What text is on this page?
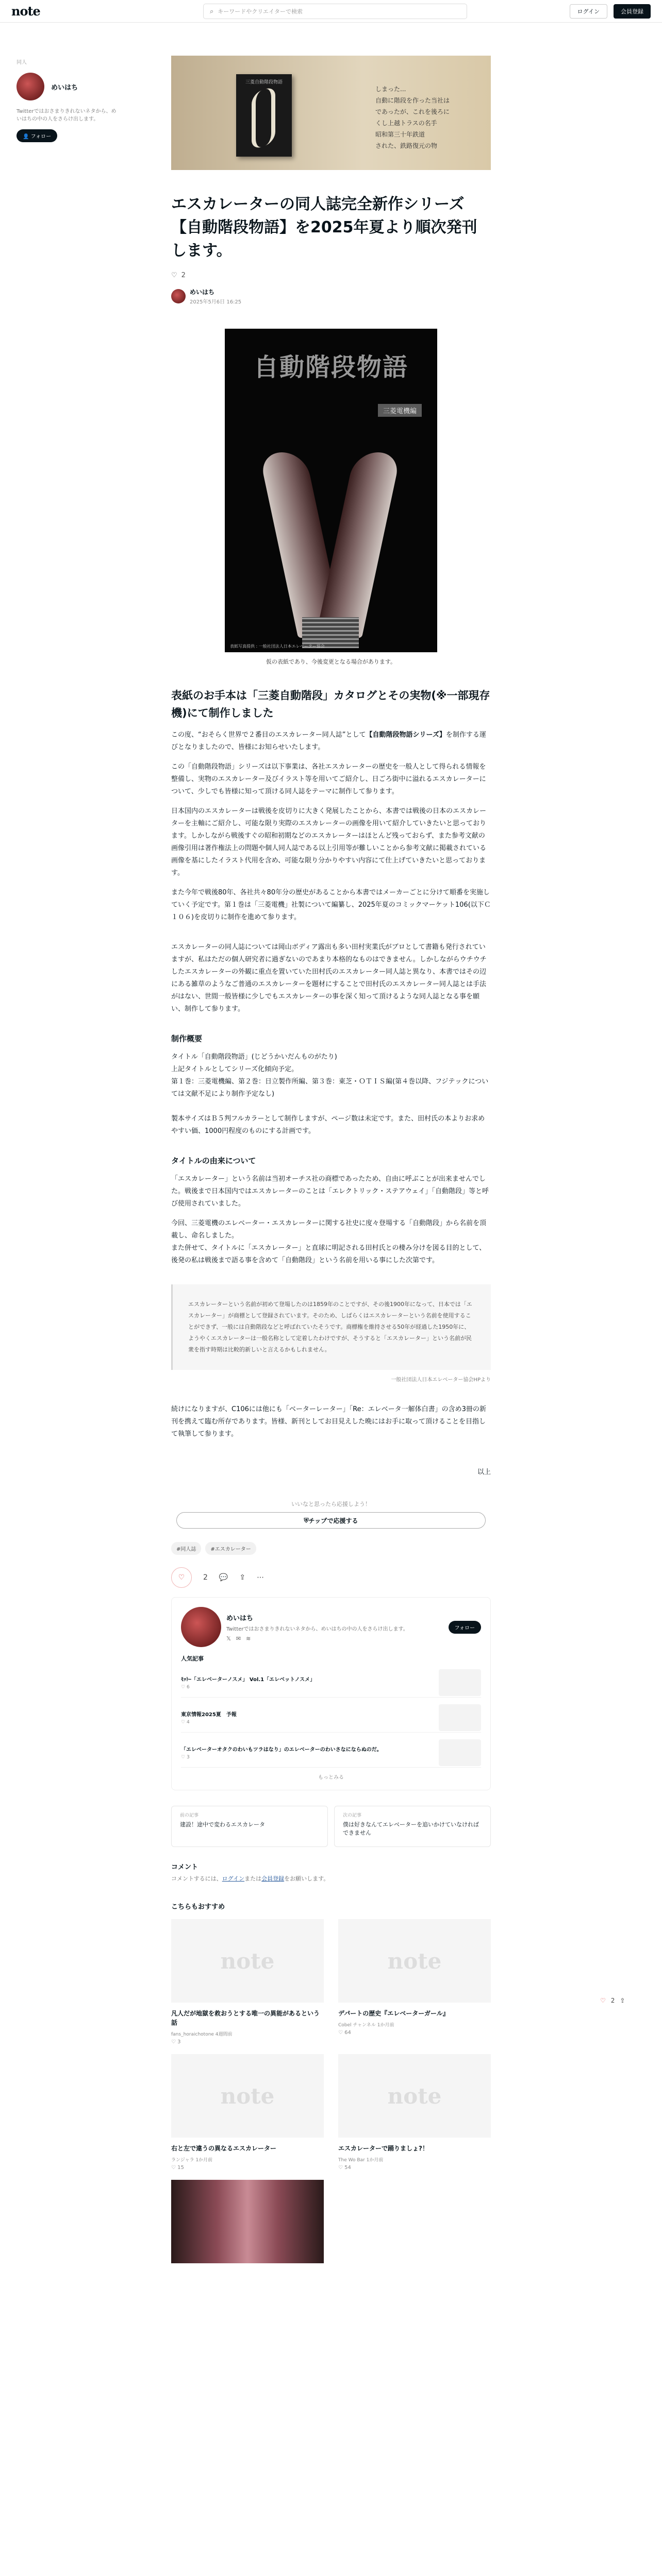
note	⌕ キーワードやクリエイターで検索	ログイン	会員登録
同人
めいはち
Twitterではおさまりきれないネタから、めいはちの中の人をさらけ出します。
👤 フォロー
♡ 2 ⇪
三菱自動階段物語
しまった...
自動に階段を作った当社は
であったが、これを後ろに
くし上越トラスの名手
昭和第三十年鉄道
された、鉄路復元の物
エスカレーターの同人誌完全新作シリーズ【自動階段物語】を2025年夏より順次発刊します。
♡ 2
めいはち
2025年5月6日 16:25
自動階段物語
三菱電機編
表紙写真提供 : 一般社団法人日本エレベーター協会
仮の表紙であり、今後変更となる場合があります。
表紙のお手本は「三菱自動階段」カタログとその実物(※一部現存機)にて制作しました

この度、“おそらく世界で２番目のエスカレーター同人誌”として【自動階段物語シリーズ】を制作する運びとなりましたので、皆様にお知らせいたします。

この「自動階段物語」シリーズは以下事業は、各社エスカレーターの歴史を一般人として得られる情報を整備し、実物のエスカレーター及びイラスト等を用いてご紹介し、日ごろ街中に溢れるエスカレーターについて、少しでも皆様に知って頂ける同人誌をテーマに制作して参ります。

日本国内のエスカレーターは戦後を皮切りに大きく発展したことから、本書では戦後の日本のエスカレーターを主軸にご紹介し、可能な限り実際のエスカレーターの画像を用いて紹介していきたいと思っております。しかしながら戦後すぐの昭和初期などのエスカレーターはほとんど残っておらず、また参考文献の画像引用は著作権法上の問題や個人同人誌である以上引用等が難しいことから参考文献に掲載されている画像を基にしたイラスト代用を含め、可能な限り分かりやすい内容にて仕上げていきたいと思っております。

また今年で戦後80年、各社共々80年分の歴史があることから本書ではメーカーごとに分けて順番を実施していく予定です。第１巻は「三菱電機」社製について編纂し、2025年夏のコミックマーケット106(以下Ｃ１０６)を皮切りに制作を進めて参ります。

エスカレーターの同人誌については岡山ボディア露出も多い田村実業氏がブロとして書籍も発行されていますが、私はただの個人研究者に過ぎないのであまり本格的なものはできません。しかしながらウチウチしたエスカレーターの外観に重点を置いていた田村氏のエスカレーター同人誌と異なり、本書ではその辺にある雑草のようなご普通のエスカレーターを題材にすることで田村氏のエスカレーター同人誌とは手法がはない、世間一般皆様に少しでもエスカレーターの事を深く知って頂けるような同人誌となる事を願い、制作して参ります。

制作概要

タイトル「自動階段物語」(じどうかいだんものがたり)

上記タイトルとしてシリーズ化傾向予定。

第１巻：三菱電機編、第２巻：日立製作所編、第３巻：東芝・ＯＴＩＳ編(第４巻以降、フジテックについては文献不足により制作予定なし)

製本サイズはＢ５判フルカラーとして制作しますが、ページ数は未定です。また、田村氏の本よりお求めやすい価、1000円程度のものにする計画です。

タイトルの由来について

「エスカレーター」という名前は当初オーチス社の商標であったため、自由に呼ぶことが出来ませんでした。戦後まで日本国内ではエスカレーターのことは「エレクトリック・ステアウェイ」「自動階段」等と呼び使用されていました。

今回、三菱電機のエレベーター・エスカレーターに関する社史に度々登場する「自動階段」から名前を頂載し、命名しました。

また併せて、タイトルに「エスカレーター」と直球に明記される田村氏との棲み分けを図る目的として、後発の私は戦後まで語る事を含めて「自動階段」という名前を用いる事にした次第です。

エスカレーターという名前が初めて登場したのは1859年のことですが、その後1900年になって、日本では「エスカレーター」が商標として登録されています。そのため、しばらくはエスカレーターという名前を使用することができず、一般には自動階段などと呼ばれていたそうです。商標権を維持させる50年が経過した1950年に、ようやくエスカレーターは一般名称として定着したわけですが、そうすると「エスカレーター」という名前が民衆を指す時期は比較的新しいと言えるかもしれません。
一般社団法人日本エレベーター協会HPより

続けになりますが、C106には他にも「ベーターレーター」「Re：エレベータ一解体白書」の含め3冊の新刊を携えて臨む所存であります。皆様、新刊としてお目見えした晩にはお手に取って頂けることを目指して執筆して参ります。

以上
いいなと思ったら応援しよう！
⛨ チップで応援する
#同人誌	#エスカレーター
♡	2 💬 ⇪ ⋯
めいはち
Twitterではおさまりきれないネタから、めいはちの中の人をさらけ出します。
𝕏 ✉ ≋
フォロー
人気記事
ﾓｯﾄｰ「エレベーターノスメ」 Vol.1「エレベットノスメ」
♡ 6
東京情報2025夏　予報
♡ 4
「エレベーターオタクのわいもツラはなり」のエレベーターのわいさなにならぬのだ。
♡ 3
もっとみる
前の記事
建設！途中で変わるエスカレータ
次の記事
僕は好きなんてエレベーターを追いかけていなければできません
コメント
コメントするには、ログインまたは会員登録をお願いします。
こちらもおすすめ
note
凡人だが地獄を救おうとする唯一の異能があるという話
fans_horaichotone 4週間前
♡ 3
note
デパートの歴史『エレベーターガール』
Cobel チャンネル 1か月前
♡ 64
note
右と左で違うの異なるエスカレーター
ランジャラ 1か月前
♡ 15
note
エスカレーターで踊りましょ?！
The Wo Bar 1か月前
♡ 54
